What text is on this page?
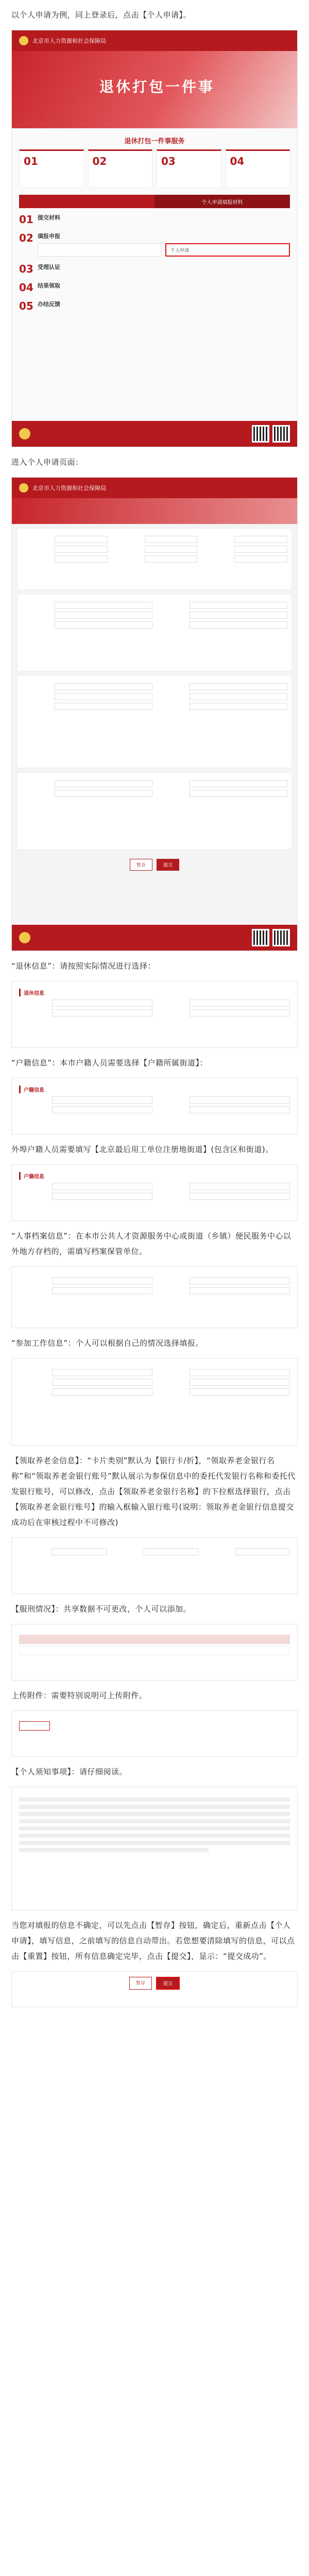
以个人申请为例，同上登录后，点击【个人申请】。

北京市人力资源和社会保障局
退休打包一件事
退休打包一件事服务
01	02	03	04
个人申请填报材料
01 提交材料
02 填报申报
个人申请
03 受理认证
04 结果领取
05 办结反馈

进入个人申请页面：

北京市人力资源和社会保障局
暂存	提交

“退休信息”：请按照实际情况进行选择：

退休信息

“户籍信息”：本市户籍人员需要选择【户籍所属街道】：

户籍信息

外埠户籍人员需要填写【北京最后用工单位注册地街道】(包含区和街道)。

户籍信息

“人事档案信息”：在本市公共人才资源服务中心或街道（乡镇）便民服务中心以外地方存档的，需填写档案保管单位。

“参加工作信息”：个人可以根据自己的情况选择填报。

【领取养老金信息】：“卡片类别”默认为【银行卡/折】，“领取养老金银行名称”和“领取养老金银行账号”默认展示为参保信息中的委托代发银行名称和委托代发银行账号，可以修改，点击【领取养老金银行名称】的下拉框选择银行，点击【领取养老金银行账号】的输入框输入银行账号(说明：领取养老金银行信息提交成功后在审核过程中不可修改)

【服刑情况】：共享数据不可更改，个人可以添加。

上传附件：需要特别说明可上传附件。

【个人须知事项】：请仔细阅读。

当您对填报的信息不确定，可以先点击【暂存】按钮，确定后，重新点击【个人申请】，填写信息，之前填写的信息自动带出。若您想要清除填写的信息，可以点击【重置】按钮，所有信息确定完毕，点击【提交】，显示：“提交成功”。

暂存	提交
